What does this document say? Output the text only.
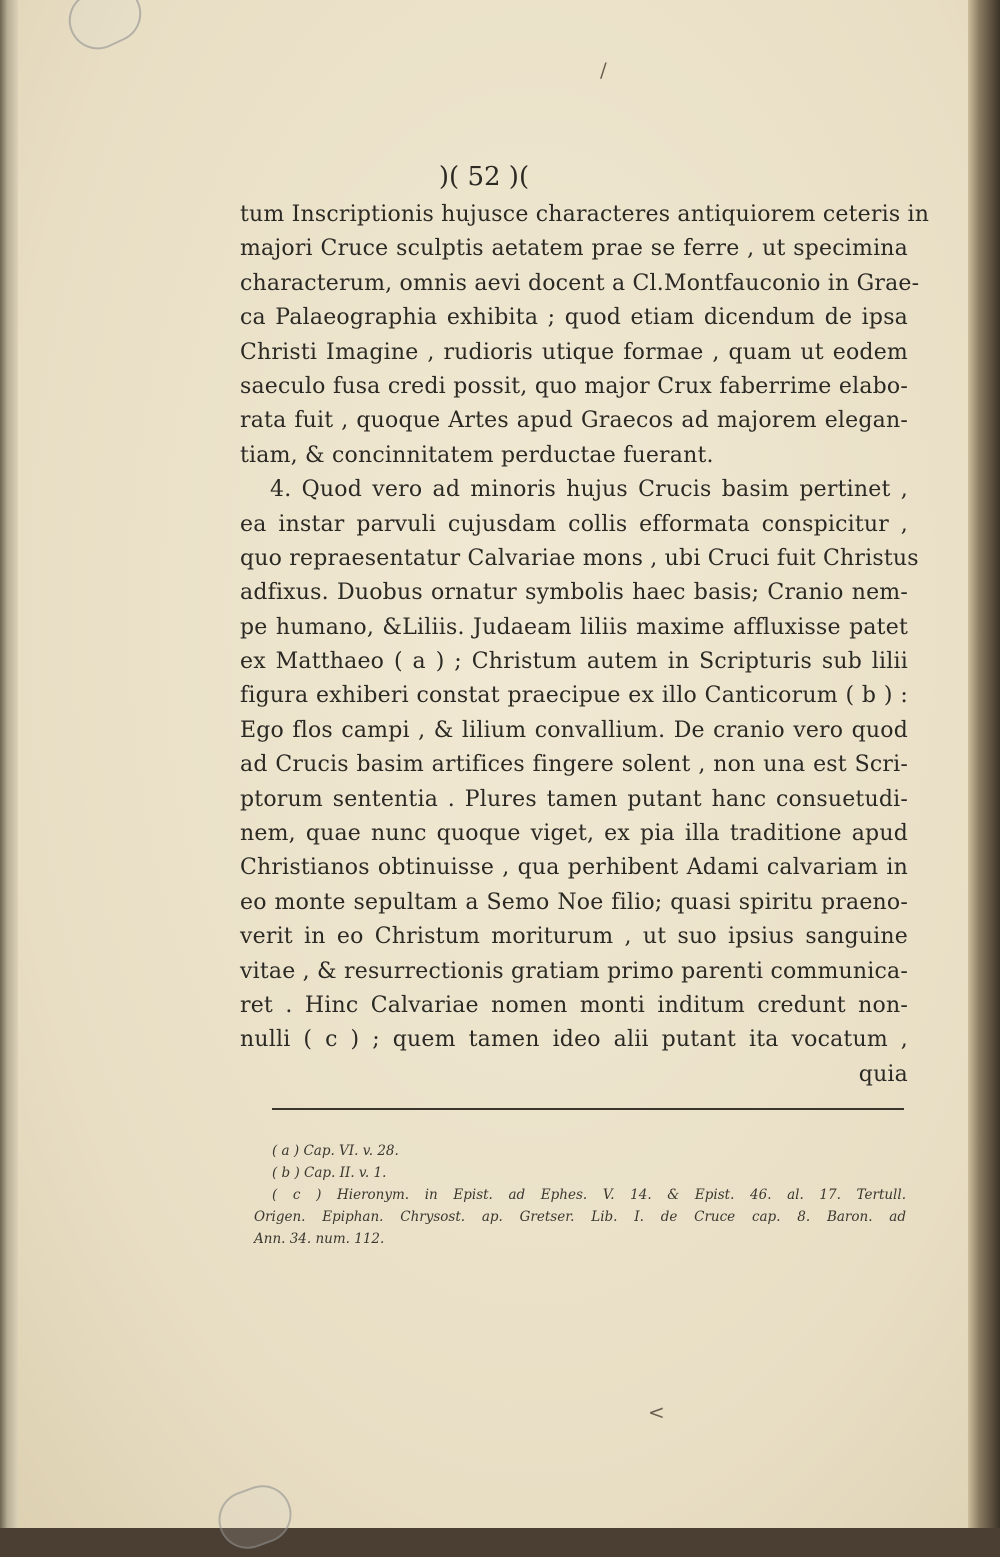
)( 52 )(
tum Inscriptionis hujusce characteres antiquiorem ceteris in
majori Cruce sculptis aetatem prae se ferre , ut specimina
characterum, omnis aevi docent a Cl.Montfauconio in Grae-
ca Palaeographia exhibita ; quod etiam dicendum de ipsa
Christi Imagine , rudioris utique formae , quam ut eodem
saeculo fusa credi possit, quo major Crux faberrime elabo-
rata fuit , quoque Artes apud Graecos ad majorem elegan-
tiam, & concinnitatem perductae fuerant.
4. Quod vero ad minoris hujus Crucis basim pertinet ,
ea instar parvuli cujusdam collis efformata conspicitur ,
quo repraesentatur Calvariae mons , ubi Cruci fuit Christus
adfixus. Duobus ornatur symbolis haec basis; Cranio nem-
pe humano, &Liliis. Judaeam liliis maxime affluxisse patet
ex Matthaeo ( a ) ; Christum autem in Scripturis sub lilii
figura exhiberi constat praecipue ex illo Canticorum ( b ) :
Ego flos campi , & lilium convallium. De cranio vero quod
ad Crucis basim artifices fingere solent , non una est Scri-
ptorum sententia . Plures tamen putant hanc consuetudi-
nem, quae nunc quoque viget, ex pia illa traditione apud
Christianos obtinuisse , qua perhibent Adami calvariam in
eo monte sepultam a Semo Noe filio; quasi spiritu praeno-
verit in eo Christum moriturum , ut suo ipsius sanguine
vitae , & resurrectionis gratiam primo parenti communica-
ret . Hinc Calvariae nomen monti inditum credunt non-
nulli ( c ) ; quem tamen ideo alii putant ita vocatum ,
quia
( a ) Cap. VI. v. 28.
( b ) Cap. II. v. 1.
( c ) Hieronym. in Epist. ad Ephes. V. 14. & Epist. 46. al. 17. Tertull.
Origen. Epiphan. Chrysost. ap. Gretser. Lib. I. de Cruce cap. 8. Baron. ad
Ann. 34. num. 112.
/
<
